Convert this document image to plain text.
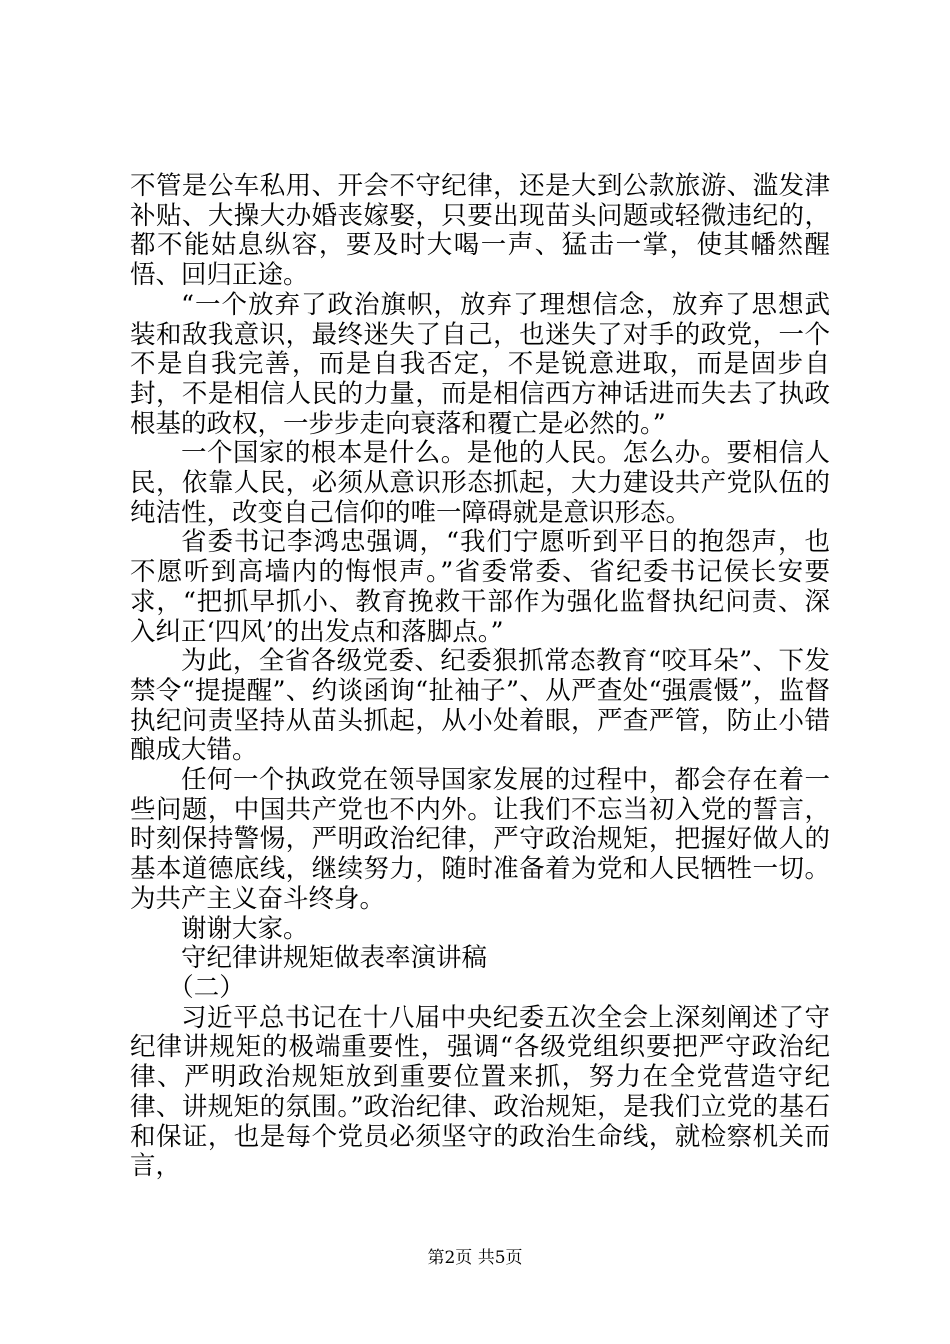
不管是公车私用、开会不守纪律，还是大到公款旅游、滥发津补贴、大操大办婚丧嫁娶，只要出现苗头问题或轻微违纪的，都不能姑息纵容，要及时大喝一声、猛击一掌，使其幡然醒悟、回归正途。

“一个放弃了政治旗帜，放弃了理想信念，放弃了思想武装和敌我意识，最终迷失了自己，也迷失了对手的政党，一个不是自我完善，而是自我否定，不是锐意进取，而是固步自封，不是相信人民的力量，而是相信西方神话进而失去了执政根基的政权，一步步走向衰落和覆亡是必然的。”

一个国家的根本是什么。是他的人民。怎么办。要相信人民，依靠人民，必须从意识形态抓起，大力建设共产党队伍的纯洁性，改变自己信仰的唯一障碍就是意识形态。

省委书记李鸿忠强调，“我们宁愿听到平日的抱怨声，也不愿听到高墙内的悔恨声。”省委常委、省纪委书记侯长安要求，“把抓早抓小、教育挽救干部作为强化监督执纪问责、深入纠正‘四风’的出发点和落脚点。”

为此，全省各级党委、纪委狠抓常态教育“咬耳朵”、下发禁令“提提醒”、约谈函询“扯袖子”、从严查处“强震慑”，监督执纪问责坚持从苗头抓起，从小处着眼，严查严管，防止小错酿成大错。

任何一个执政党在领导国家发展的过程中，都会存在着一些问题，中国共产党也不内外。让我们不忘当初入党的誓言，时刻保持警惕，严明政治纪律，严守政治规矩，把握好做人的基本道德底线，继续努力，随时准备着为党和人民牺牲一切。为共产主义奋斗终身。

谢谢大家。

守纪律讲规矩做表率演讲稿

（二）

习近平总书记在十八届中央纪委五次全会上深刻阐述了守纪律讲规矩的极端重要性，强调“各级党组织要把严守政治纪律、严明政治规矩放到重要位置来抓，努力在全党营造守纪律、讲规矩的氛围。”政治纪律、政治规矩，是我们立党的基石和保证，也是每个党员必须坚守的政治生命线，就检察机关而言，

第2页 共5页
